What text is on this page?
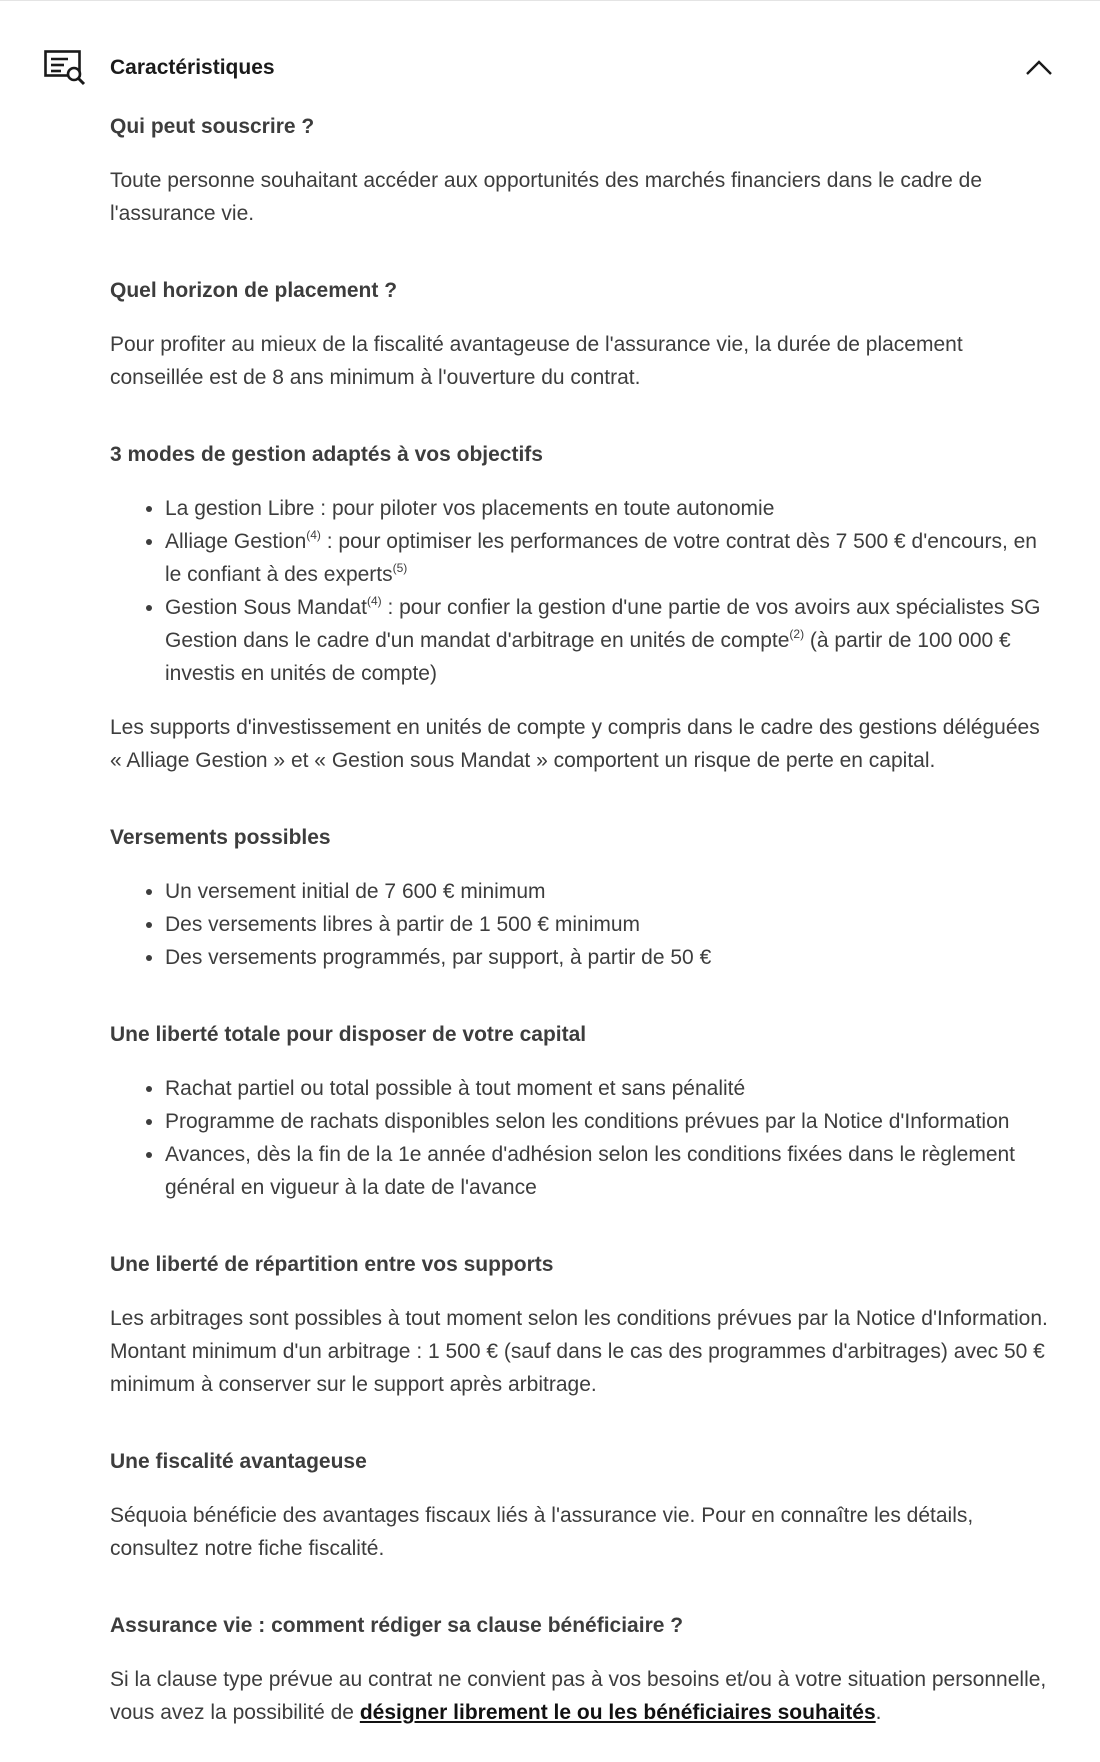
Caractéristiques
Qui peut souscrire ?

Toute personne souhaitant accéder aux opportunités des marchés financiers dans le cadre de l'assurance vie.

Quel horizon de placement ?

Pour profiter au mieux de la fiscalité avantageuse de l'assurance vie, la durée de placement conseillée est de 8 ans minimum à l'ouverture du contrat.

3 modes de gestion adaptés à vos objectifs
• La gestion Libre : pour piloter vos placements en toute autonomie
• Alliage Gestion$^{(4)}$ : pour optimiser les performances de votre contrat dès 7 500 € d'encours, en le confiant à des experts$^{(5)}$
• Gestion Sous Mandat$^{(4)}$ : pour confier la gestion d'une partie de vos avoirs aux spécialistes SG Gestion dans le cadre d'un mandat d'arbitrage en unités de compte$^{(2)}$ (à partir de 100 000 € investis en unités de compte)

Les supports d'investissement en unités de compte y compris dans le cadre des gestions déléguées « Alliage Gestion » et « Gestion sous Mandat » comportent un risque de perte en capital.

Versements possibles
• Un versement initial de 7 600 € minimum
• Des versements libres à partir de 1 500 € minimum
• Des versements programmés, par support, à partir de 50 €
Une liberté totale pour disposer de votre capital
• Rachat partiel ou total possible à tout moment et sans pénalité
• Programme de rachats disponibles selon les conditions prévues par la Notice d'Information
• Avances, dès la fin de la 1e année d'adhésion selon les conditions fixées dans le règlement général en vigueur à la date de l'avance
Une liberté de répartition entre vos supports

Les arbitrages sont possibles à tout moment selon les conditions prévues par la Notice d'Information. Montant minimum d'un arbitrage : 1 500 € (sauf dans le cas des programmes d'arbitrages) avec 50 € minimum à conserver sur le support après arbitrage.

Une fiscalité avantageuse

Séquoia bénéficie des avantages fiscaux liés à l'assurance vie. Pour en connaître les détails, consultez notre fiche fiscalité.

Assurance vie : comment rédiger sa clause bénéficiaire ?

Si la clause type prévue au contrat ne convient pas à vos besoins et/ou à votre situation personnelle, vous avez la possibilité de désigner librement le ou les bénéficiaires souhaités.
